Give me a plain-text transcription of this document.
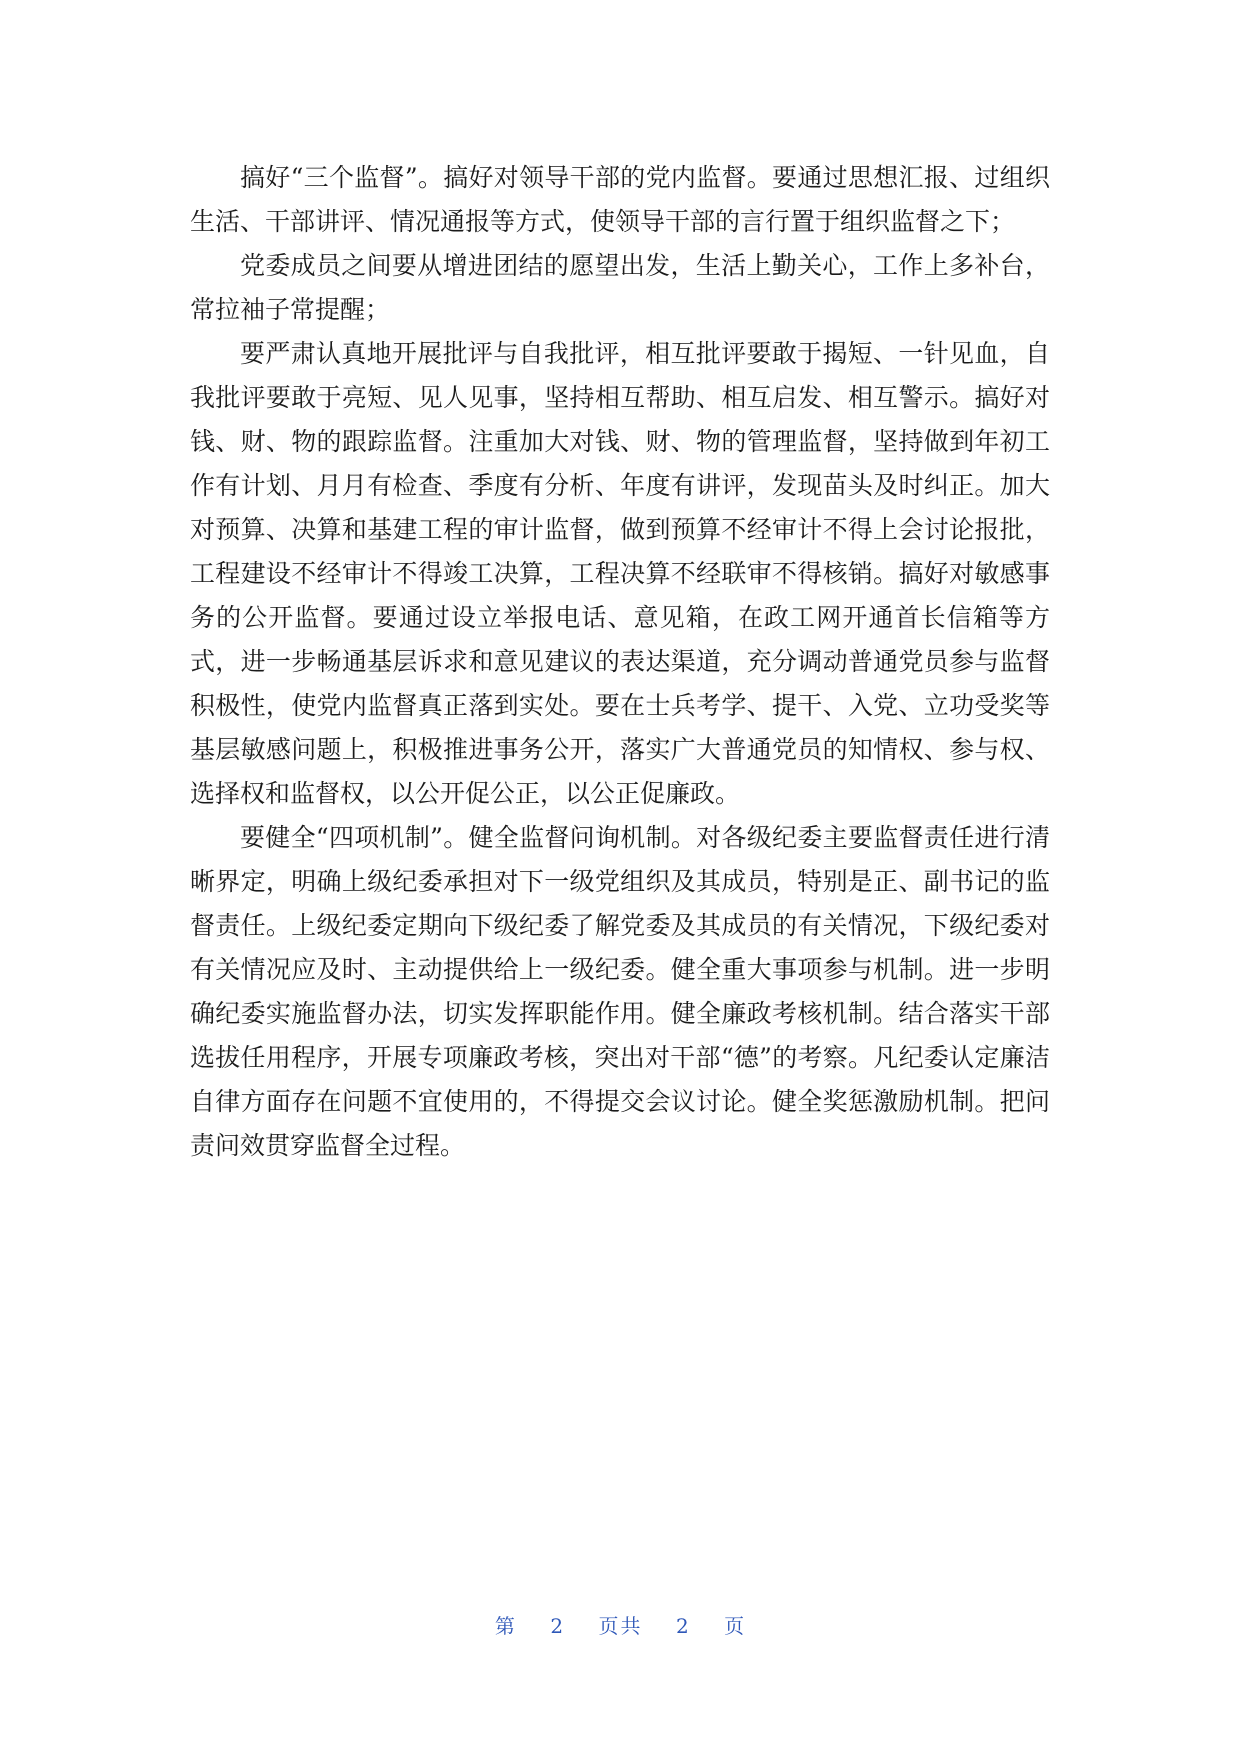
搞好“三个监督”。搞好对领导干部的党内监督。要通过思想汇报、过组织生活、干部讲评、情况通报等方式，使领导干部的言行置于组织监督之下；

党委成员之间要从增进团结的愿望出发，生活上勤关心，工作上多补台，常拉袖子常提醒；

要严肃认真地开展批评与自我批评，相互批评要敢于揭短、一针见血，自我批评要敢于亮短、见人见事，坚持相互帮助、相互启发、相互警示。搞好对钱、财、物的跟踪监督。注重加大对钱、财、物的管理监督，坚持做到年初工作有计划、月月有检查、季度有分析、年度有讲评，发现苗头及时纠正。加大对预算、决算和基建工程的审计监督，做到预算不经审计不得上会讨论报批，工程建设不经审计不得竣工决算，工程决算不经联审不得核销。搞好对敏感事务的公开监督。要通过设立举报电话、意见箱，在政工网开通首长信箱等方式，进一步畅通基层诉求和意见建议的表达渠道，充分调动普通党员参与监督积极性，使党内监督真正落到实处。要在士兵考学、提干、入党、立功受奖等基层敏感问题上，积极推进事务公开，落实广大普通党员的知情权、参与权、选择权和监督权，以公开促公正，以公正促廉政。

要健全“四项机制”。健全监督问询机制。对各级纪委主要监督责任进行清晰界定，明确上级纪委承担对下一级党组织及其成员，特别是正、副书记的监督责任。上级纪委定期向下级纪委了解党委及其成员的有关情况，下级纪委对有关情况应及时、主动提供给上一级纪委。健全重大事项参与机制。进一步明确纪委实施监督办法，切实发挥职能作用。健全廉政考核机制。结合落实干部选拔任用程序，开展专项廉政考核，突出对干部“德”的考察。凡纪委认定廉洁自律方面存在问题不宜使用的，不得提交会议讨论。健全奖惩激励机制。把问责问效贯穿监督全过程。

第 2 页共 2 页
